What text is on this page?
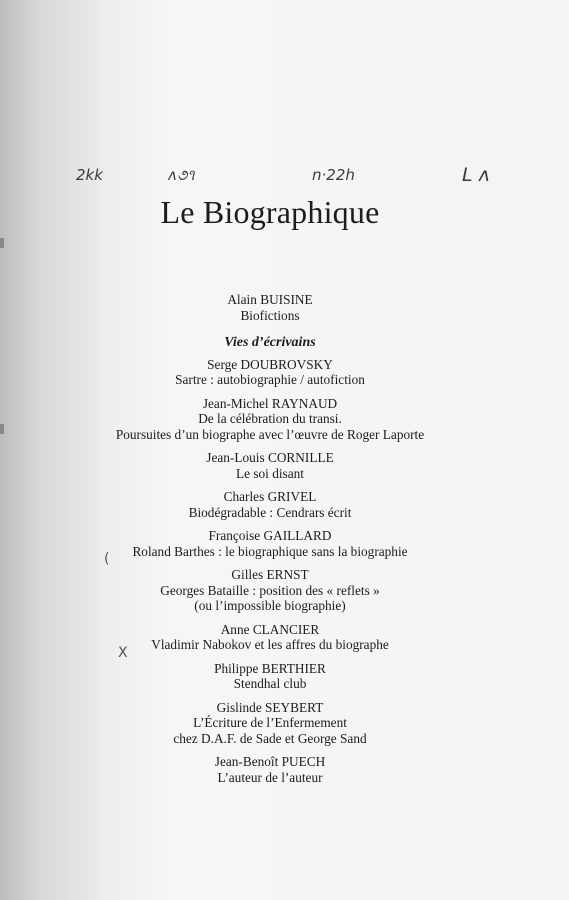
2kk	ʌ૭૧	n·22h	L ʌ
Le Biographique
Alain BUISINE
Biofictions
Vies d’écrivains
Serge DOUBROVSKY
Sartre : autobiographie / autofiction
Jean-Michel RAYNAUD
De la célébration du transi.
Poursuites d’un biographe avec l’œuvre de Roger Laporte
Jean-Louis CORNILLE
Le soi disant
Charles GRIVEL
Biodégradable : Cendrars écrit
Françoise GAILLARD
Roland Barthes : le biographique sans la biographie
Gilles ERNST
Georges Bataille : position des « reflets »
(ou l’impossible biographie)
Anne CLANCIER
Vladimir Nabokov et les affres du biographe
Philippe BERTHIER
Stendhal club
Gislinde SEYBERT
L’Écriture de l’Enfermement
chez D.A.F. de Sade et George Sand
Jean-Benoît PUECH
L’auteur de l’auteur
(
X
